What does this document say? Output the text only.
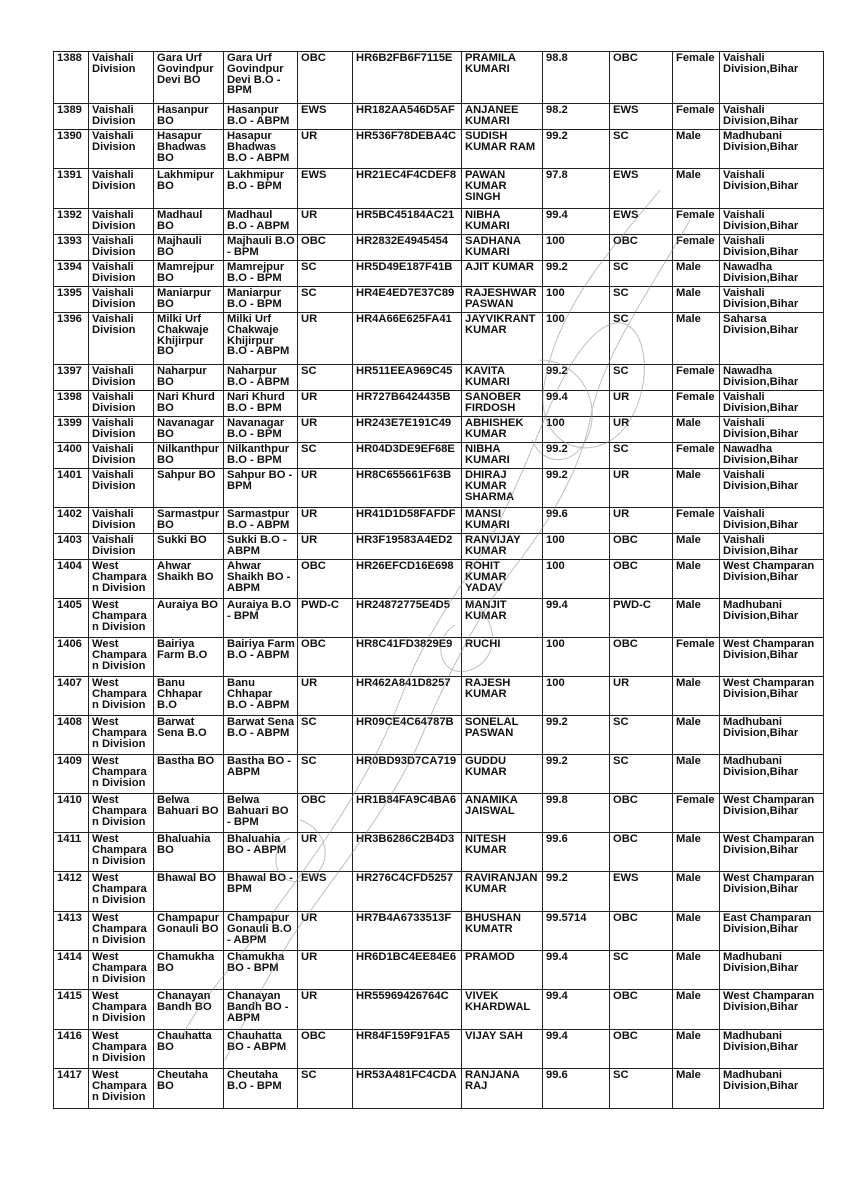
1388	Vaishali Division	Gara Urf Govindpur Devi BO	Gara Urf Govindpur Devi B.O - BPM	OBC	HR6B2FB6F7115E	PRAMILA KUMARI	98.8	OBC	Female	Vaishali Division,Bihar
1389	Vaishali Division	Hasanpur BO	Hasanpur B.O - ABPM	EWS	HR182AA546D5AF	ANJANEE KUMARI	98.2	EWS	Female	Vaishali Division,Bihar
1390	Vaishali Division	Hasapur Bhadwas BO	Hasapur Bhadwas B.O - ABPM	UR	HR536F78DEBA4C	SUDISH KUMAR RAM	99.2	SC	Male	Madhubani Division,Bihar
1391	Vaishali Division	Lakhmipur BO	Lakhmipur B.O - BPM	EWS	HR21EC4F4CDEF8	PAWAN KUMAR SINGH	97.8	EWS	Male	Vaishali Division,Bihar
1392	Vaishali Division	Madhaul BO	Madhaul B.O - ABPM	UR	HR5BC45184AC21	NIBHA KUMARI	99.4	EWS	Female	Vaishali Division,Bihar
1393	Vaishali Division	Majhauli BO	Majhauli B.O - BPM	OBC	HR2832E4945454	SADHANA KUMARI	100	OBC	Female	Vaishali Division,Bihar
1394	Vaishali Division	Mamrejpur BO	Mamrejpur B.O - BPM	SC	HR5D49E187F41B	AJIT KUMAR	99.2	SC	Male	Nawadha Division,Bihar
1395	Vaishali Division	Maniarpur BO	Maniarpur B.O - BPM	SC	HR4E4ED7E37C89	RAJESHWAR PASWAN	100	SC	Male	Vaishali Division,Bihar
1396	Vaishali Division	Milki Urf Chakwaje Khijirpur BO	Milki Urf Chakwaje Khijirpur B.O - ABPM	UR	HR4A66E625FA41	JAYVIKRANT KUMAR	100	SC	Male	Saharsa Division,Bihar
1397	Vaishali Division	Naharpur BO	Naharpur B.O - ABPM	SC	HR511EEA969C45	KAVITA KUMARI	99.2	SC	Female	Nawadha Division,Bihar
1398	Vaishali Division	Nari Khurd BO	Nari Khurd B.O - BPM	UR	HR727B6424435B	SANOBER FIRDOSH	99.4	UR	Female	Vaishali Division,Bihar
1399	Vaishali Division	Navanagar BO	Navanagar B.O - BPM	UR	HR243E7E191C49	ABHISHEK KUMAR	100	UR	Male	Vaishali Division,Bihar
1400	Vaishali Division	Nilkanthpur BO	Nilkanthpur B.O - BPM	SC	HR04D3DE9EF68E	NIBHA KUMARI	99.2	SC	Female	Nawadha Division,Bihar
1401	Vaishali Division	Sahpur BO	Sahpur BO - BPM	UR	HR8C655661F63B	DHIRAJ KUMAR SHARMA	99.2	UR	Male	Vaishali Division,Bihar
1402	Vaishali Division	Sarmastpur BO	Sarmastpur B.O - ABPM	UR	HR41D1D58FAFDF	MANSI KUMARI	99.6	UR	Female	Vaishali Division,Bihar
1403	Vaishali Division	Sukki BO	Sukki B.O - ABPM	UR	HR3F19583A4ED2	RANVIJAY KUMAR	100	OBC	Male	Vaishali Division,Bihar
1404	West Champara n Division	Ahwar Shaikh BO	Ahwar Shaikh BO - ABPM	OBC	HR26EFCD16E698	ROHIT KUMAR YADAV	100	OBC	Male	West Champaran Division,Bihar
1405	West Champara n Division	Auraiya BO	Auraiya B.O - BPM	PWD-C	HR24872775E4D5	MANJIT KUMAR	99.4	PWD-C	Male	Madhubani Division,Bihar
1406	West Champara n Division	Bairiya Farm B.O	Bairiya Farm B.O - ABPM	OBC	HR8C41FD3829E9	RUCHI	100	OBC	Female	West Champaran Division,Bihar
1407	West Champara n Division	Banu Chhapar B.O	Banu Chhapar B.O - ABPM	UR	HR462A841D8257	RAJESH KUMAR	100	UR	Male	West Champaran Division,Bihar
1408	West Champara n Division	Barwat Sena B.O	Barwat Sena B.O - ABPM	SC	HR09CE4C64787B	SONELAL PASWAN	99.2	SC	Male	Madhubani Division,Bihar
1409	West Champara n Division	Bastha BO	Bastha BO - ABPM	SC	HR0BD93D7CA719	GUDDU KUMAR	99.2	SC	Male	Madhubani Division,Bihar
1410	West Champara n Division	Belwa Bahuari BO	Belwa Bahuari BO - BPM	OBC	HR1B84FA9C4BA6	ANAMIKA JAISWAL	99.8	OBC	Female	West Champaran Division,Bihar
1411	West Champara n Division	Bhaluahia BO	Bhaluahia BO - ABPM	UR	HR3B6286C2B4D3	NITESH KUMAR	99.6	OBC	Male	West Champaran Division,Bihar
1412	West Champara n Division	Bhawal BO	Bhawal BO - BPM	EWS	HR276C4CFD5257	RAVIRANJAN KUMAR	99.2	EWS	Male	West Champaran Division,Bihar
1413	West Champara n Division	Champapur Gonauli BO	Champapur Gonauli B.O - ABPM	UR	HR7B4A6733513F	BHUSHAN KUMATR	99.5714	OBC	Male	East Champaran Division,Bihar
1414	West Champara n Division	Chamukha BO	Chamukha BO - BPM	UR	HR6D1BC4EE84E6	PRAMOD	99.4	SC	Male	Madhubani Division,Bihar
1415	West Champara n Division	Chanayan Bandh BO	Chanayan Bandh BO - ABPM	UR	HR55969426764C	VIVEK KHARDWAL	99.4	OBC	Male	West Champaran Division,Bihar
1416	West Champara n Division	Chauhatta BO	Chauhatta BO - ABPM	OBC	HR84F159F91FA5	VIJAY SAH	99.4	OBC	Male	Madhubani Division,Bihar
1417	West Champara n Division	Cheutaha BO	Cheutaha B.O - BPM	SC	HR53A481FC4CDA	RANJANA RAJ	99.6	SC	Male	Madhubani Division,Bihar
